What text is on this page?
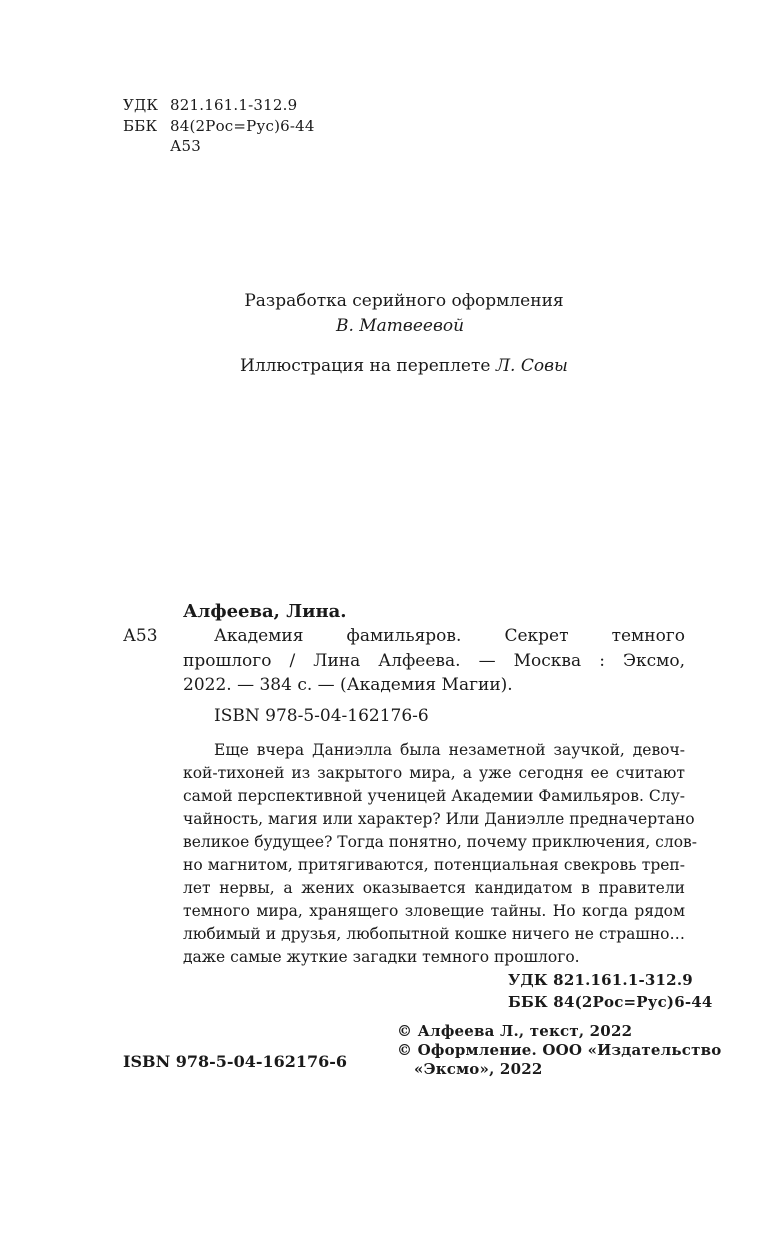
УДК 821.161.1-312.9
ББК 84(2Рос=Рус)6-44
А53
Разработка серийного оформления
В. Матвеевой
Иллюстрация на переплете Л. Совы
Алфеева, Лина.
А53	Академия фамильяров. Секрет темного
прошлого / Лина Алфеева. — Москва : Эксмо,
2022. — 384 с. — (Академия Магии).
ISBN 978-5-04-162176-6
Еще вчера Даниэлла была незаметной заучкой, девоч-
кой-тихоней из закрытого мира, а уже сегодня ее считают
самой перспективной ученицей Академии Фамильяров. Слу-
чайность, магия или характер? Или Даниэлле предначертано
великое будущее? Тогда понятно, почему приключения, слов-
но магнитом, притягиваются, потенциальная свекровь треп-
лет нервы, а жених оказывается кандидатом в правители
темного мира, хранящего зловещие тайны. Но когда рядом
любимый и друзья, любопытной кошке ничего не страшно…
даже самые жуткие загадки темного прошлого.
УДК 821.161.1-312.9
ББК 84(2Рос=Рус)6-44
© Алфеева Л., текст, 2022
© Оформление. ООО «Издательство
«Эксмо», 2022
ISBN 978-5-04-162176-6
